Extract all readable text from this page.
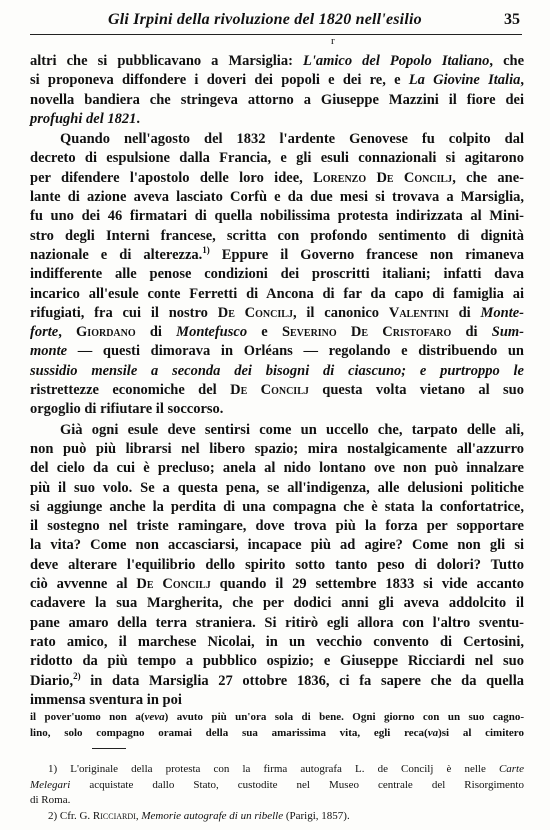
Gli Irpini della rivoluzione del 1820 nell'esilio	35
r

altri che si pubblicavano a Marsiglia: L'amico del Popolo Italiano, che
si proponeva diffondere i doveri dei popoli e dei re, e La Giovine Italia,
novella bandiera che stringeva attorno a Giuseppe Mazzini il fiore dei
profughi del 1821.

Quando nell'agosto del 1832 l'ardente Genovese fu colpito dal
decreto di espulsione dalla Francia, e gli esuli connazionali si agitarono
per difendere l'apostolo delle loro idee, Lorenzo De Concilj, che ane-
lante di azione aveva lasciato Corfù e da due mesi si trovava a Marsiglia,
fu uno dei 46 firmatari di quella nobilissima protesta indirizzata al Mini-
stro degli Interni francese, scritta con profondo sentimento di dignità
nazionale e di alterezza.$^{1)}$ Eppure il Governo francese non rimaneva
indifferente alle penose condizioni dei proscritti italiani; infatti dava
incarico all'esule conte Ferretti di Ancona di far da capo di famiglia ai
rifugiati, fra cui il nostro De Concilj, il canonico Valentini di Monte-
forte, Giordano di Montefusco e Severino De Cristofaro di Sum-
monte — questi dimorava in Orléans — regolando e distribuendo un
sussidio mensile a seconda dei bisogni di ciascuno; e purtroppo le
ristrettezze economiche del De Concilj questa volta vietano al suo
orgoglio di rifiutare il soccorso.

Già ogni esule deve sentirsi come un uccello che, tarpato delle ali,
non può più librarsi nel libero spazio; mira nostalgicamente all'azzurro
del cielo da cui è precluso; anela al nido lontano ove non può innalzare
più il suo volo. Se a questa pena, se all'indigenza, alle delusioni politiche
si aggiunge anche la perdita di una compagna che è stata la confortatrice,
il sostegno nel triste ramingare, dove trova più la forza per sopportare
la vita? Come non accasciarsi, incapace più ad agire? Come non gli si
deve alterare l'equilibrio dello spirito sotto tanto peso di dolori? Tutto
ciò avvenne al De Concilj quando il 29 settembre 1833 si vide accanto
cadavere la sua Margherita, che per dodici anni gli aveva addolcito il
pane amaro della terra straniera. Si ritirò egli allora con l'altro sventu-
rato amico, il marchese Nicolai, in un vecchio convento di Certosini,
ridotto da più tempo a pubblico ospizio; e Giuseppe Ricciardi nel suo
Diario,$^{2)}$ in data Marsiglia 27 ottobre 1836, ci fa sapere che da quella
immensa sventura in poi

il pover'uomo non a(veva) avuto più un'ora sola di bene. Ogni giorno con un suo cagno-
lino, solo compagno oramai della sua amarissima vita, egli reca(va)si al cimitero

1) L'originale della protesta con la firma autografa L. de Concilj è nelle Carte
Melegari acquistate dallo Stato, custodite nel Museo centrale del Risorgimento
di Roma.

2) Cfr. G. Ricciardi, Memorie autografe di un ribelle (Parigi, 1857).
